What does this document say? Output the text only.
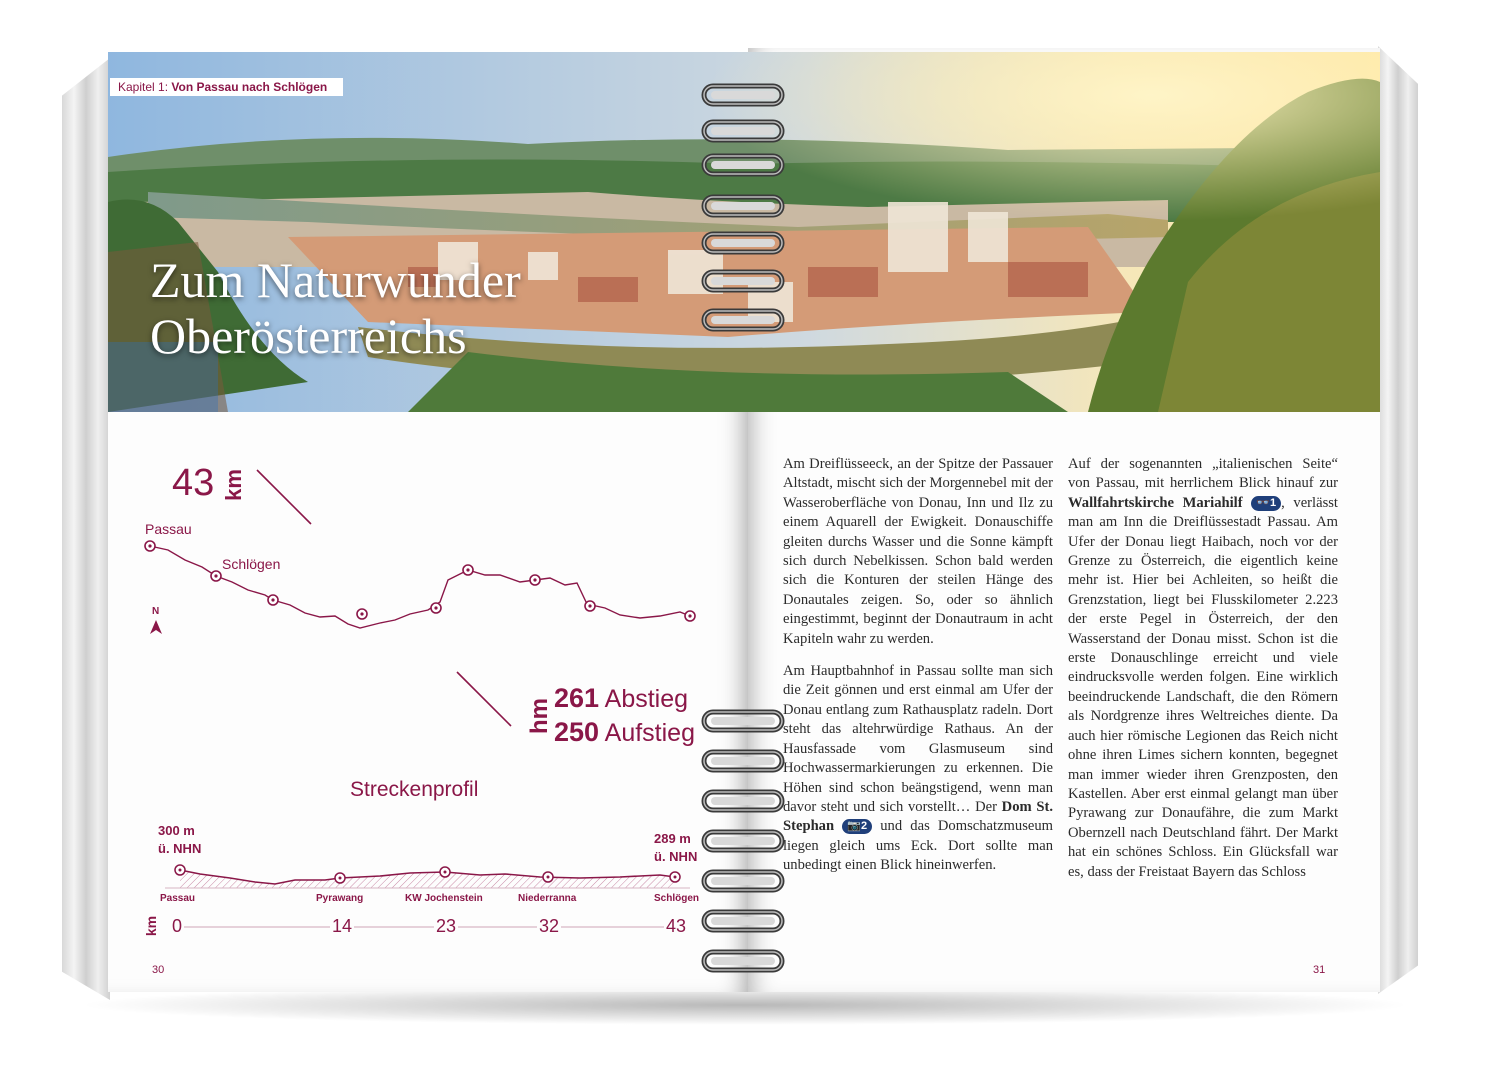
Kapitel 1: Von Passau nach Schlögen
Zum Naturwunder
Oberösterreichs
43 km
Passau
Schlögen
N
hm 261 Abstieg
250 Aufstieg
Streckenprofil
300 m
ü. NHN
289 m
ü. NHN
Passau	Pyrawang	KW Jochenstein	Niederranna	Schlögen
km 0	14	23	32	43
30	31

Am Dreiflüsseeck, an der Spitze der Passauer Altstadt, mischt sich der Morgennebel mit der Wasseroberfläche von Donau, Inn und Ilz zu einem Aquarell der Ewigkeit. Donauschiffe gleiten durchs Wasser und die Sonne kämpft sich durch Nebelkissen. Schon bald werden sich die Konturen der steilen Hänge des Donautales zeigen. So, oder so ähnlich eingestimmt, beginnt der Donautraum in acht Kapiteln wahr zu werden.

Am Hauptbahnhof in Passau sollte man sich die Zeit gönnen und erst einmal am Ufer der Donau entlang zum Rathausplatz radeln. Dort steht das altehrwürdige Rathaus. An der Hausfassade vom Glasmuseum sind Hochwassermarkierungen zu erkennen. Die Höhen sind schon beängstigend, wenn man davor steht und sich vorstellt… Der Dom St. Stephan 📷2 und das Domschatzmuseum liegen gleich ums Eck. Dort sollte man unbedingt einen Blick hineinwerfen.

Auf der sogenannten „italienischen Seite“ von Passau, mit herrlichem Blick hinauf zur Wallfahrtskirche Mariahilf 👓1 , verlässt man am Inn die Dreiflüssestadt Passau. Am Ufer der Donau liegt Haibach, noch vor der Grenze zu Österreich, die eigentlich keine mehr ist. Hier bei Achleiten, so heißt die Grenzstation, liegt bei Flusskilometer 2.223 der erste Pegel in Österreich, der den Wasserstand der Donau misst. Schon ist die erste Donauschlinge erreicht und viele eindrucksvolle werden folgen. Eine wirklich beeindruckende Landschaft, die den Römern als Nordgrenze ihres Weltreiches diente. Da auch hier römische Legionen das Reich nicht ohne ihren Limes sichern konnten, begegnet man immer wieder ihren Grenzposten, den Kastellen. Aber erst einmal gelangt man über Pyrawang zur Donaufähre, die zum Markt Obernzell nach Deutschland fährt. Der Markt hat ein schönes Schloss. Ein Glücksfall war es, dass der Freistaat Bayern das Schloss
